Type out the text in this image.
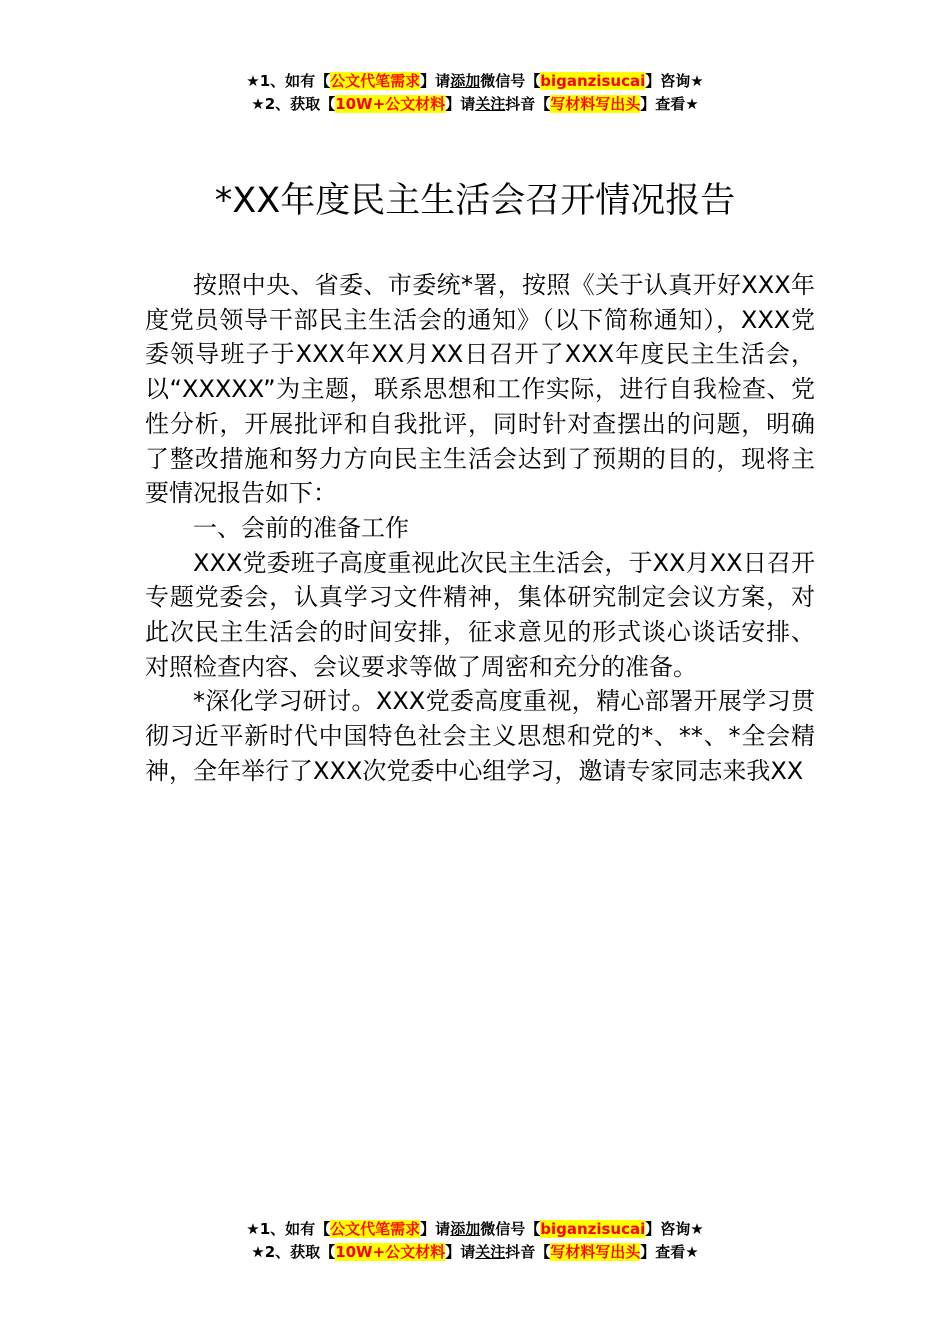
★1、如有【公文代笔需求】请添加微信号【biganzisucai】咨询★
★2、获取【10W+公文材料】请关注抖音【写材料写出头】查看★
*XX年度民主生活会召开情况报告

按照中央、省委、市委统*署，按照《关于认真开好XXX年度党员领导干部民主生活会的通知》（以下简称通知），XXX党委领导班子于XXX年XX月XX日召开了XXX年度民主生活会，以“XXXXX”为主题，联系思想和工作实际，进行自我检查、党性分析，开展批评和自我批评，同时针对查摆出的问题，明确了整改措施和努力方向民主生活会达到了预期的目的，现将主要情况报告如下：

一、会前的准备工作

XXX党委班子高度重视此次民主生活会，于XX月XX日召开专题党委会，认真学习文件精神，集体研究制定会议方案，对此次民主生活会的时间安排，征求意见的形式谈心谈话安排、对照检查内容、会议要求等做了周密和充分的准备。

*深化学习研讨。XXX党委高度重视，精心部署开展学习贯彻习近平新时代中国特色社会主义思想和党的*、**、*全会精神，全年举行了XXX次党委中心组学习，邀请专家同志来我XX

★1、如有【公文代笔需求】请添加微信号【biganzisucai】咨询★
★2、获取【10W+公文材料】请关注抖音【写材料写出头】查看★
